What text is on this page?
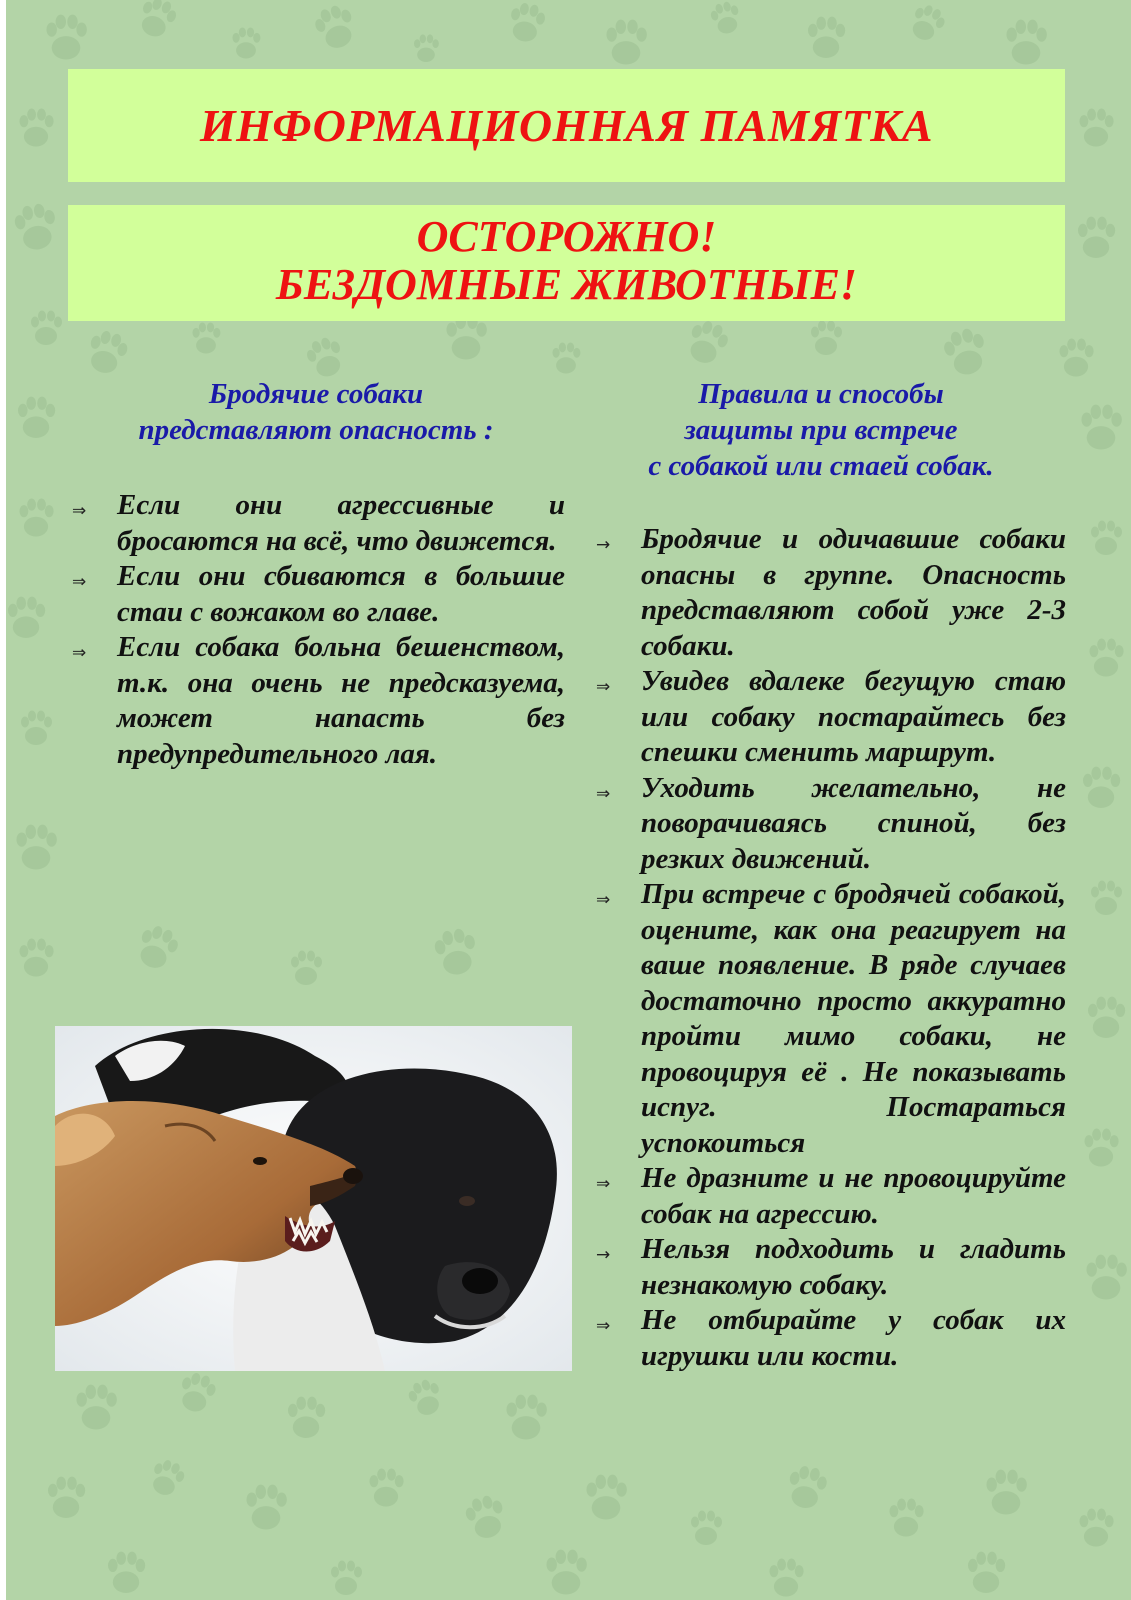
ИНФОРМАЦИОННАЯ ПАМЯТКА
ОСТОРОЖНО!
БЕЗДОМНЫЕ ЖИВОТНЫЕ!
Бродячие собаки
представляют опасность :
⇒ Если они агрессивные и бросаются на всё, что движется.
⇒ Если они сбиваются в большие стаи с вожаком во главе.
⇒ Если собака больна бешенством, т.к. она очень не предсказуема, может напасть без предупредительного лая.
Правила и способы
защиты при встрече
с собакой или стаей собак.
→ Бродячие и одичавшие собаки опасны в группе. Опасность представляют собой уже 2-3 собаки.
⇒ Увидев вдалеке бегущую стаю или собаку постарайтесь без спешки сменить маршрут.
⇒ Уходить желательно, не поворачиваясь спиной, без резких движений.
⇒ При встрече с бродячей собакой, оцените, как она реагирует на ваше появление. В ряде случаев достаточно просто аккуратно пройти мимо собаки, не провоцируя её . Не показывать испуг. Постараться успокоиться
⇒ Не дразните и не провоцируйте собак на агрессию.
→ Нельзя подходить и гладить незнакомую собаку.
⇒ Не отбирайте у собак их игрушки или кости.
